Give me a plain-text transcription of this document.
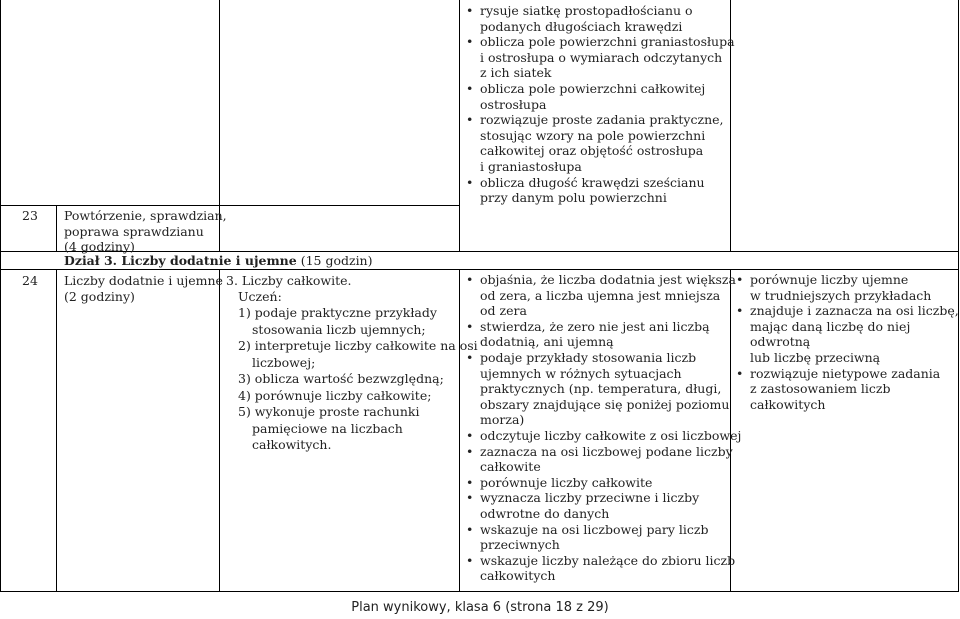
23 Powtórzenie, sprawdzian,
poprawa sprawdzianu
(4 godziny)
Dział 3. Liczby dodatnie i ujemne (15 godzin)
24 Liczby dodatnie i ujemne
(2 godziny)
3. Liczby całkowite.
Uczeń:
1) podaje praktyczne przykłady
stosowania liczb ujemnych;
2) interpretuje liczby całkowite na osi
liczbowej;
3) oblicza wartość bezwzględną;
4) porównuje liczby całkowite;
5) wykonuje proste rachunki
pamięciowe na liczbach
całkowitych.
• rysuje siatkę prostopadłościanu o
podanych długościach krawędzi
• oblicza pole powierzchni graniastosłupa
i ostrosłupa o wymiarach odczytanych
z ich siatek
• oblicza pole powierzchni całkowitej
ostrosłupa
• rozwiązuje proste zadania praktyczne,
stosując wzory na pole powierzchni
całkowitej oraz objętość ostrosłupa
i graniastosłupa
• oblicza długość krawędzi sześcianu
przy danym polu powierzchni
• objaśnia, że liczba dodatnia jest większa
od zera, a liczba ujemna jest mniejsza
od zera
• stwierdza, że zero nie jest ani liczbą
dodatnią, ani ujemną
• podaje przykłady stosowania liczb
ujemnych w różnych sytuacjach
praktycznych (np. temperatura, długi,
obszary znajdujące się poniżej poziomu
morza)
• odczytuje liczby całkowite z osi liczbowej
• zaznacza na osi liczbowej podane liczby
całkowite
• porównuje liczby całkowite
• wyznacza liczby przeciwne i liczby
odwrotne do danych
• wskazuje na osi liczbowej pary liczb
przeciwnych
• wskazuje liczby należące do zbioru liczb
całkowitych
• porównuje liczby ujemne
w trudniejszych przykładach
• znajduje i zaznacza na osi liczbę,
mając daną liczbę do niej odwrotną
lub liczbę przeciwną
• rozwiązuje nietypowe zadania
z zastosowaniem liczb całkowitych
Plan wynikowy, klasa 6 (strona 18 z 29)
